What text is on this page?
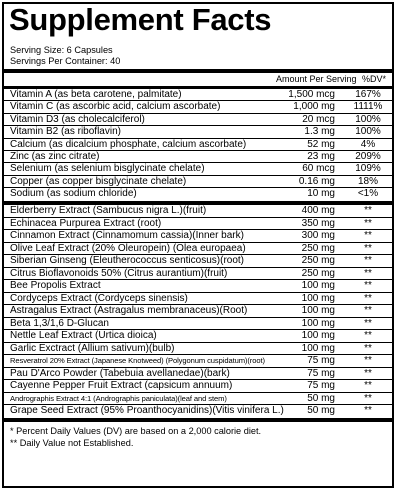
Supplement Facts
Serving Size: 6 Capsules
Servings Per Container: 40
Amount Per Serving %DV*
Vitamin A (as beta carotene, palmitate)	1,500 mcg	167%
Vitamin C (as ascorbic acid, calcium ascorbate)	1,000 mg	1111%
Vitamin D3 (as cholecalciferol)	20 mcg	100%
Vitamin B2 (as riboflavin)	1.3 mg	100%
Calcium (as dicalcium phosphate, calcium ascorbate)	52 mg	4%
Zinc (as zinc citrate)	23 mg	209%
Selenium (as selenium bisglycinate chelate)	60 mcg	109%
Copper (as copper bisglycinate chelate)	0.16 mg	18%
Sodium (as sodium chloride)	10 mg	<1%
Elderberry Extract (Sambucus nigra L.)(fruit)	400 mg	**
Echinacea Purpurea Extract (root)	350 mg	**
Cinnamon Extract (Cinnamomum cassia)(Inner bark)	300 mg	**
Olive Leaf Extract (20% Oleuropein) (Olea europaea)	250 mg	**
Siberian Ginseng (Eleutherococcus senticosus)(root)	250 mg	**
Citrus Bioflavonoids 50% (Citrus aurantium)(fruit)	250 mg	**
Bee Propolis Extract	100 mg	**
Cordyceps Extract (Cordyceps sinensis)	100 mg	**
Astragalus Extract (Astragalus membranaceus)(Root)	100 mg	**
Beta 1,3/1,6 D-Glucan	100 mg	**
Nettle Leaf Extract (Urtica dioica)	100 mg	**
Garlic Exctract (Allium sativum)(bulb)	100 mg	**
Resveratrol 20% Extract (Japanese Knotweed) (Polygonum cuspidatum)(root)	75 mg	**
Pau D'Arco Powder (Tabebuia avellanedae)(bark)	75 mg	**
Cayenne Pepper Fruit Extract (capsicum annuum)	75 mg	**
Andrographis Extract 4:1 (Andrographis paniculata)(leaf and stem)	50 mg	**
Grape Seed Extract (95% Proanthocyanidins)(Vitis vinifera L.)	50 mg	**
* Percent Daily Values (DV) are based on a 2,000 calorie diet.
** Daily Value not Established.
